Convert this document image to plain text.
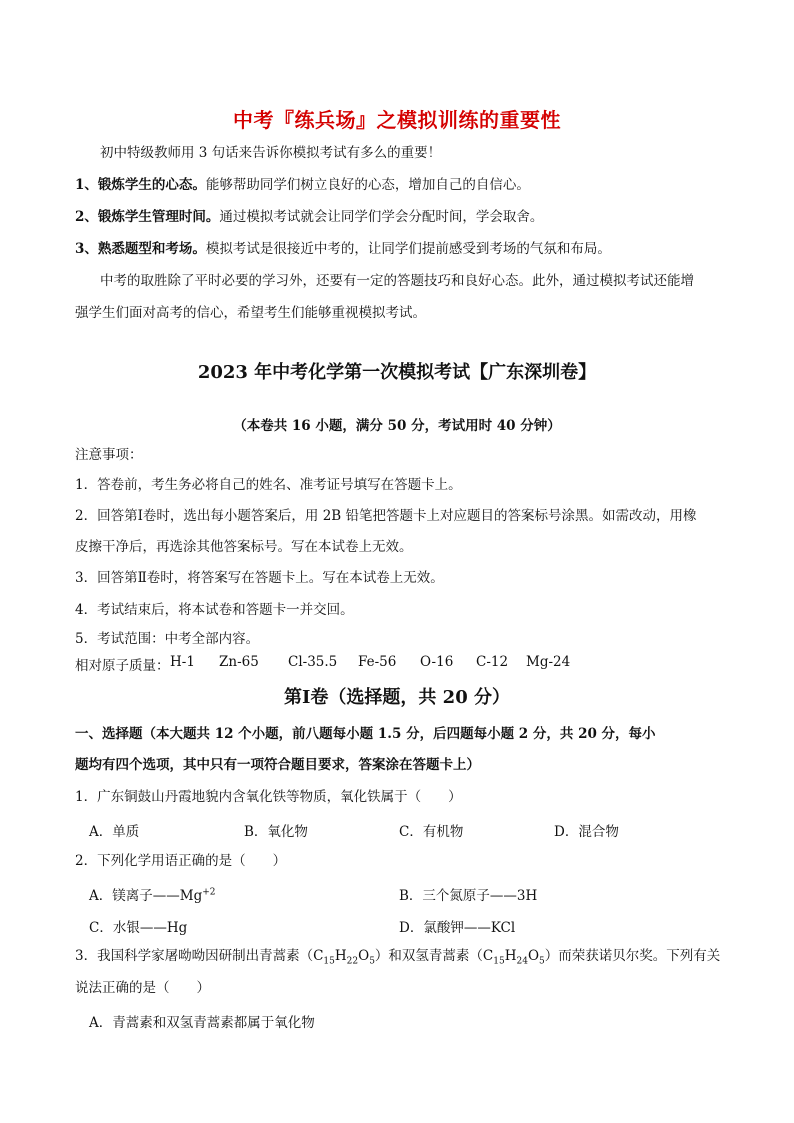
中考『练兵场』之模拟训练的重要性
初中特级教师用 3 句话来告诉你模拟考试有多么的重要！
1、锻炼学生的心态。能够帮助同学们树立良好的心态，增加自己的自信心。
2、锻炼学生管理时间。通过模拟考试就会让同学们学会分配时间，学会取舍。
3、熟悉题型和考场。模拟考试是很接近中考的，让同学们提前感受到考场的气氛和布局。
中考的取胜除了平时必要的学习外，还要有一定的答题技巧和良好心态。此外，通过模拟考试还能增
强学生们面对高考的信心，希望考生们能够重视模拟考试。
2023 年中考化学第一次模拟考试【广东深圳卷】
（本卷共 16 小题，满分 50 分，考试用时 40 分钟）
注意事项：
1．答卷前，考生务必将自己的姓名、准考证号填写在答题卡上。
2．回答第Ⅰ卷时，选出每小题答案后，用 2B 铅笔把答题卡上对应题目的答案标号涂黑。如需改动，用橡
皮擦干净后，再选涂其他答案标号。写在本试卷上无效。
3．回答第Ⅱ卷时，将答案写在答题卡上。写在本试卷上无效。
4．考试结束后，将本试卷和答题卡一并交回。
5．考试范围：中考全部内容。
相对原子质量： H-1 Zn-65 Cl-35.5 Fe-56 O-16 C-12 Mg-24
第Ⅰ卷（选择题，共 20 分）
一、选择题（本大题共 12 个小题，前八题每小题 1.5 分，后四题每小题 2 分，共 20 分，每小
题均有四个选项，其中只有一项符合题目要求，答案涂在答题卡上）
1．广东铜鼓山丹霞地貌内含氧化铁等物质，氧化铁属于（　　）
A．单质	B．氧化物	C．有机物	D．混合物
2．下列化学用语正确的是（　　）
A．镁离子$——Mg^{+2}$	B．三个氮原子——3H
C．水银——Hg	D．氯酸钾——KCl
3．我国科学家屠呦呦因研制出青蒿素$(C_{15}H_{22}O_5)$和双氢青蒿素$(C_{15}H_{24}O_5)$而荣获诺贝尔奖。下列有关
说法正确的是（　　）
A．青蒿素和双氢青蒿素都属于氧化物
